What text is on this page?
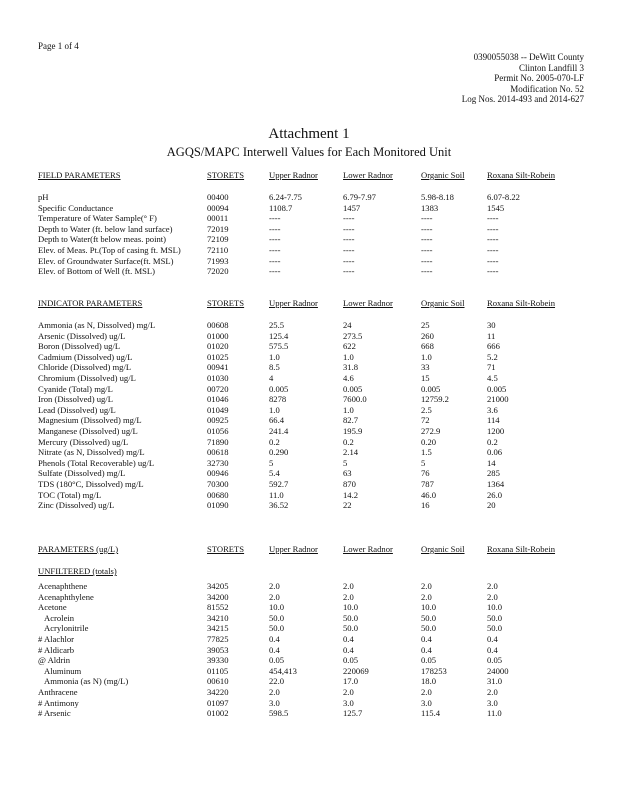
Page 1 of 4
0390055038 -- DeWitt County
Clinton Landfill 3
Permit No. 2005-070-LF
Modification No. 52
Log Nos. 2014-493 and 2014-627
Attachment 1
AGQS/MAPC Interwell Values for Each Monitored Unit
FIELD PARAMETERS	STORETS	Upper Radnor	Lower Radnor	Organic Soil	Roxana Silt-Robein
pH	00400	6.24-7.75	6.79-7.97	5.98-8.18	6.07-8.22
Specific Conductance	00094	1108.7	1457	1383	1545
Temperature of Water Sample(° F)	00011	----	----	----	----
Depth to Water (ft. below land surface)	72019	----	----	----	----
Depth to Water(ft below meas. point)	72109	----	----	----	----
Elev. of Meas. Pt.(Top of casing ft. MSL)	72110	----	----	----	----
Elev. of Groundwater Surface(ft. MSL)	71993	----	----	----	----
Elev. of Bottom of Well (ft. MSL)	72020	----	----	----	----
INDICATOR PARAMETERS	STORETS	Upper Radnor	Lower Radnor	Organic Soil	Roxana Silt-Robein
Ammonia (as N, Dissolved) mg/L	00608	25.5	24	25	30
Arsenic (Dissolved) ug/L	01000	125.4	273.5	260	11
Boron (Dissolved) ug/L	01020	575.5	622	668	666
Cadmium (Dissolved) ug/L	01025	1.0	1.0	1.0	5.2
Chloride (Dissolved) mg/L	00941	8.5	31.8	33	71
Chromium (Dissolved) ug/L	01030	4	4.6	15	4.5
Cyanide (Total) mg/L	00720	0.005	0.005	0.005	0.005
Iron (Dissolved) ug/L	01046	8278	7600.0	12759.2	21000
Lead (Dissolved) ug/L	01049	1.0	1.0	2.5	3.6
Magnesium (Dissolved) mg/L	00925	66.4	82.7	72	114
Manganese (Dissolved) ug/L	01056	241.4	195.9	272.9	1200
Mercury (Dissolved) ug/L	71890	0.2	0.2	0.20	0.2
Nitrate (as N, Dissolved) mg/L	00618	0.290	2.14	1.5	0.06
Phenols (Total Recoverable) ug/L	32730	5	5	5	14
Sulfate (Dissolved) mg/L	00946	5.4	63	76	285
TDS (180°C, Dissolved) mg/L	70300	592.7	870	787	1364
TOC (Total) mg/L	00680	11.0	14.2	46.0	26.0
Zinc (Dissolved) ug/L	01090	36.52	22	16	20
PARAMETERS (ug/L)	STORETS	Upper Radnor	Lower Radnor	Organic Soil	Roxana Silt-Robein
UNFILTERED (totals)
Acenaphthene	34205	2.0	2.0	2.0	2.0
Acenaphthylene	34200	2.0	2.0	2.0	2.0
Acetone	81552	10.0	10.0	10.0	10.0
Acrolein	34210	50.0	50.0	50.0	50.0
Acrylonitrile	34215	50.0	50.0	50.0	50.0
# Alachlor	77825	0.4	0.4	0.4	0.4
# Aldicarb	39053	0.4	0.4	0.4	0.4
@ Aldrin	39330	0.05	0.05	0.05	0.05
Aluminum	01105	454,413	220069	178253	24000
Ammonia (as N) (mg/L)	00610	22.0	17.0	18.0	31.0
Anthracene	34220	2.0	2.0	2.0	2.0
# Antimony	01097	3.0	3.0	3.0	3.0
# Arsenic	01002	598.5	125.7	115.4	11.0
